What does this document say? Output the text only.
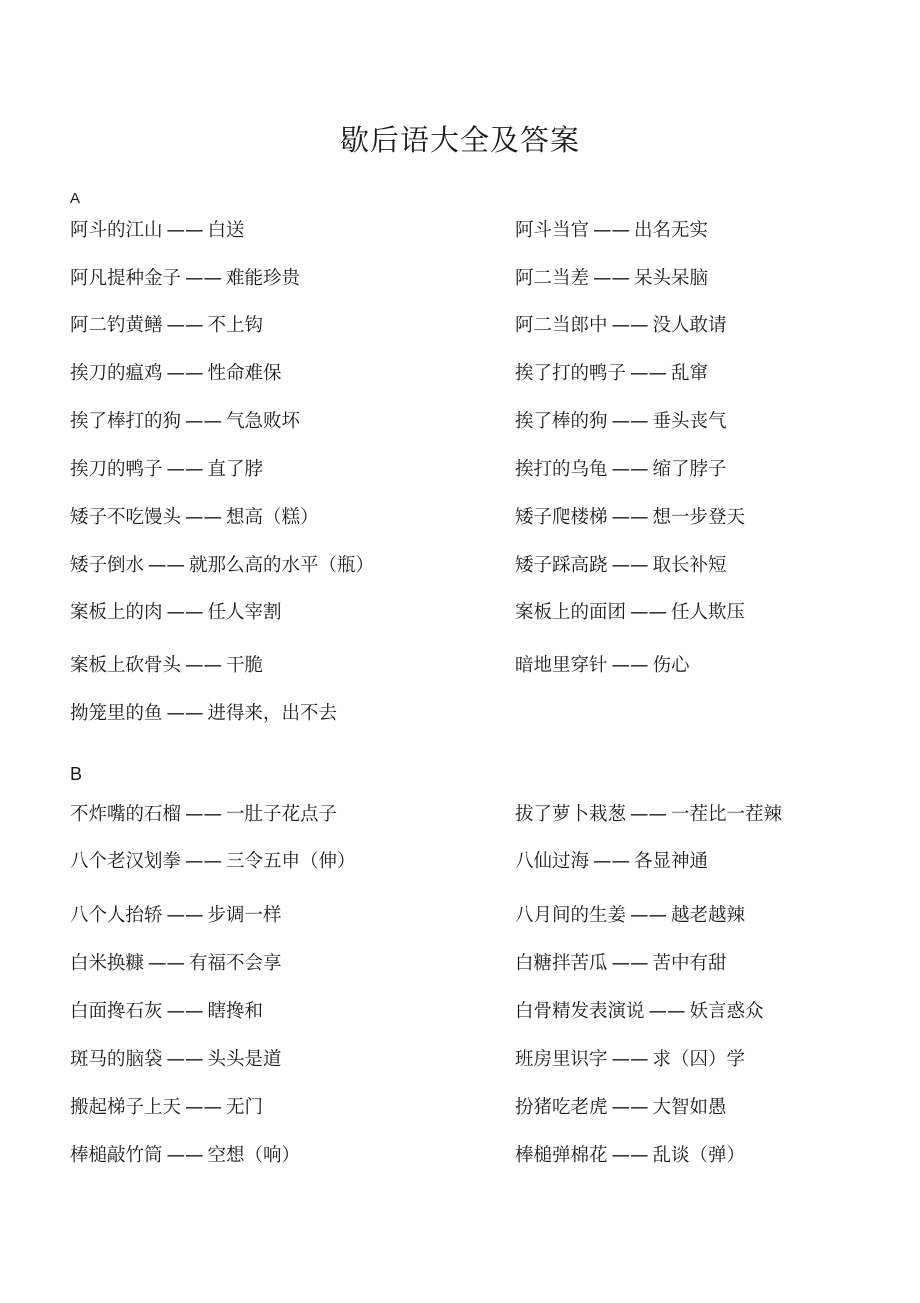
歇后语大全及答案
A
阿斗的江山 —— 白送	阿斗当官 —— 出名无实
阿凡提种金子 —— 难能珍贵	阿二当差 —— 呆头呆脑
阿二钓黄鳝 —— 不上钩	阿二当郎中 —— 没人敢请
挨刀的瘟鸡 —— 性命难保	挨了打的鸭子 —— 乱窜
挨了棒打的狗 —— 气急败坏	挨了棒的狗 —— 垂头丧气
挨刀的鸭子 —— 直了脖	挨打的乌龟 —— 缩了脖子
矮子不吃馒头 —— 想高（糕）	矮子爬楼梯 —— 想一步登天
矮子倒水 —— 就那么高的水平（瓶）	矮子踩高跷 —— 取长补短
案板上的肉 —— 任人宰割	案板上的面团 —— 任人欺压
案板上砍骨头 —— 干脆	暗地里穿针 —— 伤心
拗笼里的鱼 —— 进得来，出不去
B
不炸嘴的石榴 —— 一肚子花点子	拔了萝卜栽葱 —— 一茬比一茬辣
八个老汉划拳 —— 三令五申（伸）	八仙过海 —— 各显神通
八个人抬轿 —— 步调一样	八月间的生姜 —— 越老越辣
白米换糠 —— 有福不会享	白糖拌苦瓜 —— 苦中有甜
白面搀石灰 —— 瞎搀和	白骨精发表演说 —— 妖言惑众
斑马的脑袋 —— 头头是道	班房里识字 —— 求（囚）学
搬起梯子上天 —— 无门	扮猪吃老虎 —— 大智如愚
棒槌敲竹筒 —— 空想（响）	棒槌弹棉花 —— 乱谈（弹）
